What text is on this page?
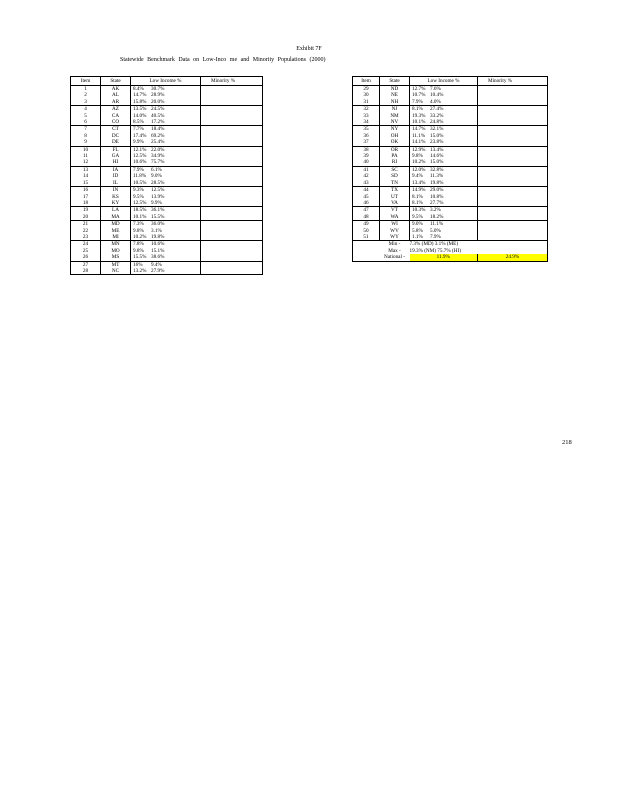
Exhibit 7F
Statewide Benchmark Data on Low-Inco me and Minority Populations (2000)
Item	State	Low Income %	Minority %
1	AK	8.4% 30.7%	
2	AL	14.7% 28.9%	
3	AR	15.8% 20.0%	
4	AZ	13.5% 24.5%	
5	CA	14.0% 40.5%	
6	CO	8.5% 17.2%	
7	CT	7.7% 18.4%	
8	DC	17.4% 69.2%	
9	DE	9.9% 25.4%	
10	FL	12.1% 22.0%	
11	GA	12.5% 34.9%	
12	HI	10.6% 75.7%	
13	IA	7.9% 6.1%	
14	ID	11.8% 9.0%	
15	IL	10.5% 28.5%	
16	IN	9.3% 12.5%	
17	KS	9.5% 13.9%	
18	KY	12.5% 9.9%	
19	LA	18.5% 36.1%	
20	MA	10.1% 15.5%	
21	MD	7.3% 36.0%	
22	ME	9.8% 3.1%	
23	MI	10.2% 19.8%	
24	MN	7.8% 10.6%	
25	MO	9.8% 15.1%	
26	MS	15.5% 38.6%	
27	MT	16% 9.4%	
28	NC	13.2% 27.9%	
Item	State	Low Income %	Minority %
29	ND	12.7% 7.6%	
30	NE	10.7% 10.4%	
31	NH	7.9% 4.0%	
32	NJ	8.1% 27.4%	
33	NM	19.3% 33.2%	
34	NV	10.1% 24.8%	
35	NY	14.7% 32.1%	
36	OH	11.1% 15.0%	
37	OK	14.1% 23.8%	
38	OR	12.9% 13.4%	
39	PA	9.8% 14.6%	
40	RI	10.2% 15.0%	
41	SC	12.0% 32.8%	
42	SD	9.4% 11.3%	
43	TN	13.4% 19.8%	
44	TX	14.9% 29.0%	
45	UT	8.1% 10.8%	
46	VA	8.1% 27.7%	
47	VT	10.3% 3.2%	
48	WA	9.5% 18.2%	
49	WI	9.0% 11.1%	
50	WV	5.8% 5.0%	
51	WY	1.1% 7.9%	
	Min -	7.3% (MD) 3.1% (ME)	
	Max -	19.3% (NM) 75.7% (HI)	
	National -	11.9%	24.9%
218
